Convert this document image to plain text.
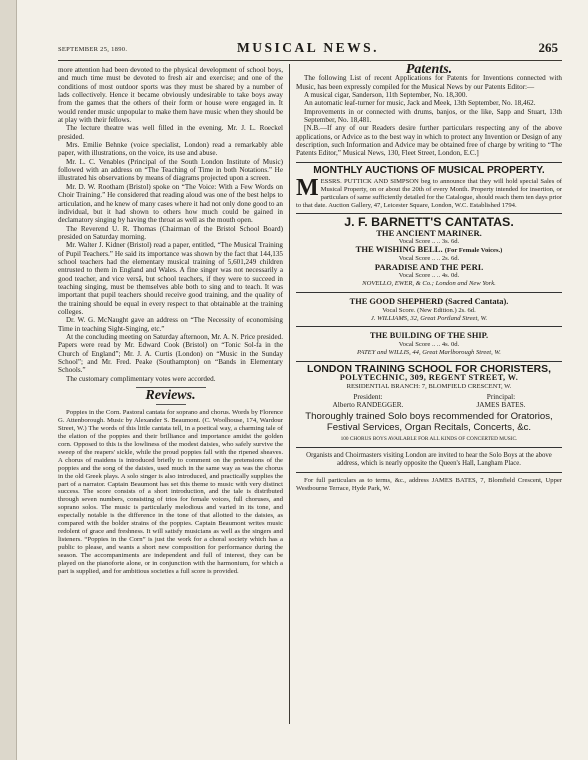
SEPTEMBER 25, 1890.	MUSICAL NEWS.	265

more attention had been devoted to the physical development of school boys, and much time must be devoted to fresh air and exercise; and one of the conditions of most outdoor sports was they must be shared by a number of lads collectively. Hence it became obviously undesirable to take boys away from the games that the others of their form or house were engaged in. It would render music unpopular to make them have music when they should be at play with their fellows.

The lecture theatre was well filled in the evening. Mr. J. L. Roeckel presided.

Mrs. Emilie Behnke (voice specialist, London) read a remarkably able paper, with illustrations, on the voice, its use and abuse.

Mr. L. C. Venables (Principal of the South London Institute of Music) followed with an address on “The Teaching of Time in both Notations.” He illustrated his observations by means of diagrams projected upon a screen.

Mr. D. W. Rootham (Bristol) spoke on “The Voice: With a Few Words on Choir Training.” He considered that reading aloud was one of the best helps to articulation, and he knew of many cases where it had not only done good to an individual, but it had shown to others how much could be gained in declamatory singing by having the throat as well as the mouth open.

The Reverend U. R. Thomas (Chairman of the Bristol School Board) presided on Saturday morning.

Mr. Walter J. Kidner (Bristol) read a paper, entitled, “The Musical Training of Pupil Teachers.” He said its importance was shown by the fact that 144,135 school teachers had the elementary musical training of 5,601,249 children entrusted to them in England and Wales. A fine singer was not necessarily a good teacher, and vice versâ, but school teachers, if they were to succeed in teaching singing, must be themselves able both to sing and to teach. It was important that pupil teachers should receive good training, and the quality of the training should be equal in every respect to that obtainable at the training colleges.

Dr. W. G. McNaught gave an address on “The Necessity of economising Time in teaching Sight-Singing, etc.”

At the concluding meeting on Saturday afternoon, Mr. A. N. Price presided. Papers were read by Mr. Edward Cook (Bristol) on “Tonic Sol-fa in the Church of England”; Mr. J. A. Curtis (London) on “Music in the Sunday School”; and Mr. Fred. Peake (Southampton) on “Bands in Elementary Schools.”

The customary complimentary votes were accorded.

Reviews.

Poppies in the Corn. Pastoral cantata for soprano and chorus. Words by Florence G. Attenborough. Music by Alexander S. Beaumont. (C. Woolhouse, 174, Wardour Street, W.) The words of this little cantata tell, in a poetical way, a charming tale of the elation of the poppies and their brilliance and importance amidst the golden corn. Opposed to this is the lowliness of the modest daisies, who safely survive the sweep of the reapers' sickle, while the proud poppies fall with the ripened sheaves. A chorus of maidens is introduced briefly to comment on the pretensions of the poppies and the song of the daisies, used much in the same way as was the chorus in the old Greek plays. A solo singer is also introduced, and practically supplies the part of a narrator. Captain Beaumont has set this theme to music with very distinct success. The score consists of a short introduction, and the tale is distributed through seven numbers, consisting of trios for female voices, full choruses, and soprano solos. The music is particularly melodious and varied in its tone, and especially notable is the difference in the tone of that allotted to the daisies, as compared with the bolder strains of the poppies. Captain Beaumont writes music redolent of grace and freshness. It will satisfy musicians as well as the singers and listeners. “Poppies in the Corn” is just the work for a choral society which has a public to please, and wants a short new composition for performance during the season. The accompaniments are independent and full of interest, they can be played on the pianoforte alone, or in conjunction with the harmonium, for which a part is supplied, and for ambitious societies a full score is provided.

Patents.

The following List of recent Applications for Patents for Inventions connected with Music, has been expressly compiled for the Musical News by our Patents Editor:—

A musical cigar, Sanderson, 11th September, No. 18,300.

An automatic leaf-turner for music, Jack and Meek, 13th September, No. 18,462.

Improvements in or connected with drums, banjos, or the like, Sapp and Stuart, 13th September, No. 18,481.

[N.B.—If any of our Readers desire further particulars respecting any of the above applications, or Advice as to the best way in which to protect any Invention or Design of any description, such Information and Advice may be obtained free of charge by writing to “The Patents Editor,” Musical News, 130, Fleet Street, London, E.C.]

MONTHLY AUCTIONS OF MUSICAL PROPERTY.

MESSRS. PUTTICK AND SIMPSON beg to announce that they will hold special Sales of Musical Property, on or about the 20th of every Month. Property intended for insertion, or particulars of same sufficiently detailed for the Catalogue, should reach them ten days prior to that date. Auction Gallery, 47, Leicester Square, London, W.C. Established 1794.

J. F. BARNETT'S CANTATAS.
THE ANCIENT MARINER.
Vocal Score .. .. 3s. 6d.
THE WISHING BELL. (For Female Voices.)
Vocal Score .. .. 2s. 6d.
PARADISE AND THE PERI.
Vocal Score .. .. 4s. 0d.
NOVELLO, EWER, & Co.; London and New York.
THE GOOD SHEPHERD (Sacred Cantata).
Vocal Score. (New Edition.) 2s. 6d.
J. WILLIAMS, 32, Great Portland Street, W.
THE BUILDING OF THE SHIP.
Vocal Score .. .. 4s. 0d.
PATEY and WILLIS, 44, Great Marlborough Street, W.
LONDON TRAINING SCHOOL FOR CHORISTERS,
POLYTECHNIC, 309, REGENT STREET, W.
RESIDENTIAL BRANCH: 7, BLOMFIELD CRESCENT, W.
President:
Alberto RANDEGGER.
Principal:
JAMES BATES.
Thoroughly trained Solo boys recommended for Oratorios, Festival Services, Organ Recitals, Concerts, &c.
100 CHORUS BOYS AVAILABLE FOR ALL KINDS OF CONCERTED MUSIC.

Organists and Choirmasters visiting London are invited to hear the Solo Boys at the above address, which is nearly opposite the Queen's Hall, Langham Place.

For full particulars as to terms, &c., address JAMES BATES, 7, Blomfield Crescent, Upper Westbourne Terrace, Hyde Park, W.
